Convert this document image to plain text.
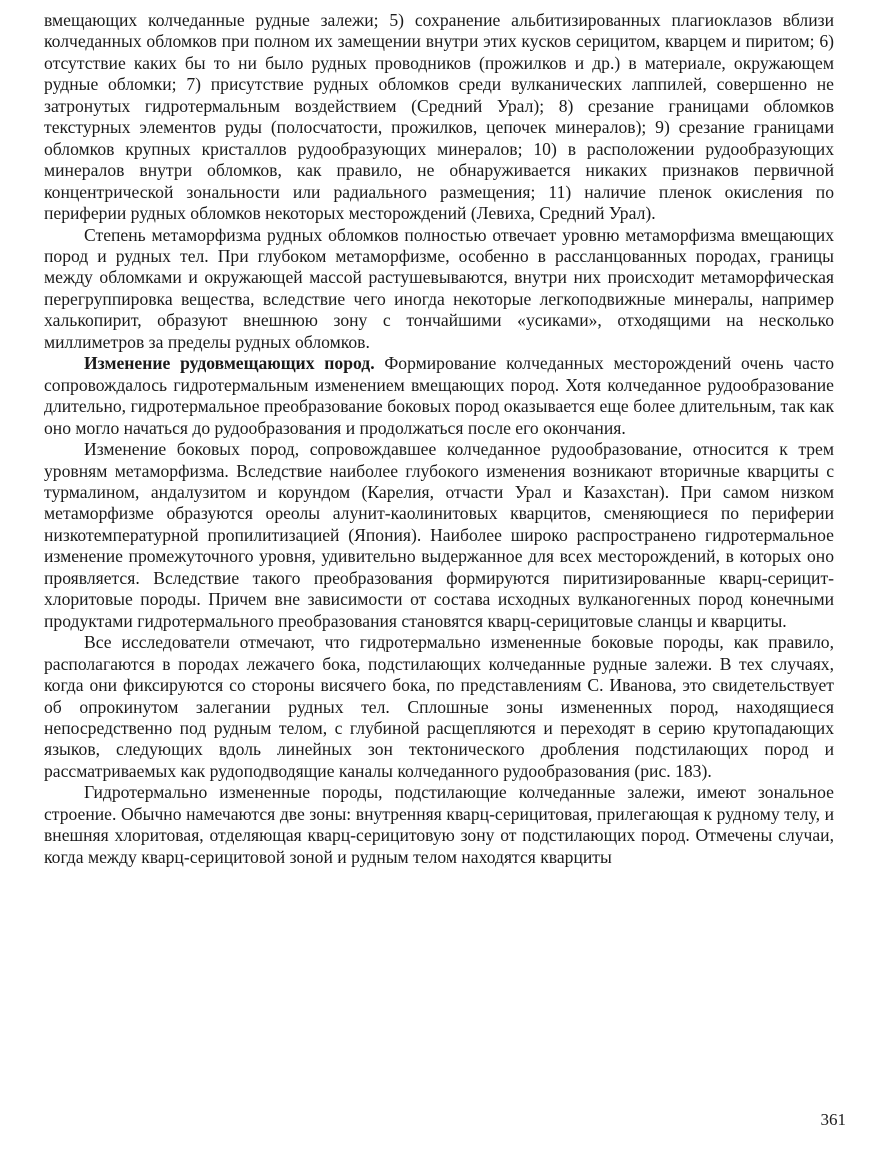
вмещающих колчеданные рудные залежи; 5) сохранение альбитизированных плагиоклазов вблизи колчеданных обломков при полном их замещении внутри этих кусков серицитом, кварцем и пиритом; 6) отсутствие каких бы то ни было рудных проводников (прожилков и др.) в материале, окружающем рудные обломки; 7) присутствие рудных обломков среди вулканических лаппилей, совершенно не затронутых гидротермальным воздействием (Средний Урал); 8) срезание границами обломков текстурных элементов руды (полосчатости, прожилков, цепочек минералов); 9) срезание границами обломков крупных кристаллов рудообразующих минералов; 10) в расположении рудообразующих минералов внутри обломков, как правило, не обнаруживается никаких признаков первичной концентрической зональности или радиального размещения; 11) наличие пленок окисления по периферии рудных обломков некоторых месторождений (Левиха, Средний Урал).

Степень метаморфизма рудных обломков полностью отвечает уровню метаморфизма вмещающих пород и рудных тел. При глубоком метаморфизме, особенно в рассланцованных породах, границы между обломками и окружающей массой растушевываются, внутри них происходит метаморфическая перегруппировка вещества, вследствие чего иногда некоторые легкоподвижные минералы, например халькопирит, образуют внешнюю зону с тончайшими «усиками», отходящими на несколько миллиметров за пределы рудных обломков.

Изменение рудовмещающих пород. Формирование колчеданных месторождений очень часто сопровождалось гидротермальным изменением вмещающих пород. Хотя колчеданное рудообразование длительно, гидротермальное преобразование боковых пород оказывается еще более длительным, так как оно могло начаться до рудообразования и продолжаться после его окончания.

Изменение боковых пород, сопровождавшее колчеданное рудообразование, относится к трем уровням метаморфизма. Вследствие наиболее глубокого изменения возникают вторичные кварциты с турмалином, андалузитом и корундом (Карелия, отчасти Урал и Казахстан). При самом низком метаморфизме образуются ореолы алунит-каолинитовых кварцитов, сменяющиеся по периферии низкотемпературной пропилитизацией (Япония). Наиболее широко распространено гидротермальное изменение промежуточного уровня, удивительно выдержанное для всех месторождений, в которых оно проявляется. Вследствие такого преобразования формируются пиритизированные кварц-серицит-хлоритовые породы. Причем вне зависимости от состава исходных вулканогенных пород конечными продуктами гидротермального преобразования становятся кварц-серицитовые сланцы и кварциты.

Все исследователи отмечают, что гидротермально измененные боковые породы, как правило, располагаются в породах лежачего бока, подстилающих колчеданные рудные залежи. В тех случаях, когда они фиксируются со стороны висячего бока, по представлениям С. Иванова, это свидетельствует об опрокинутом залегании рудных тел. Сплошные зоны измененных пород, находящиеся непосредственно под рудным телом, с глубиной расщепляются и переходят в серию крутопадающих языков, следующих вдоль линейных зон тектонического дробления подстилающих пород и рассматриваемых как рудоподводящие каналы колчеданного рудообразования (рис. 183).

Гидротермально измененные породы, подстилающие колчеданные залежи, имеют зональное строение. Обычно намечаются две зоны: внутренняя кварц-серицитовая, прилегающая к рудному телу, и внешняя хлоритовая, отделяющая кварц-серицитовую зону от подстилающих пород. Отмечены случаи, когда между кварц-серицитовой зоной и рудным телом находятся кварциты

361
